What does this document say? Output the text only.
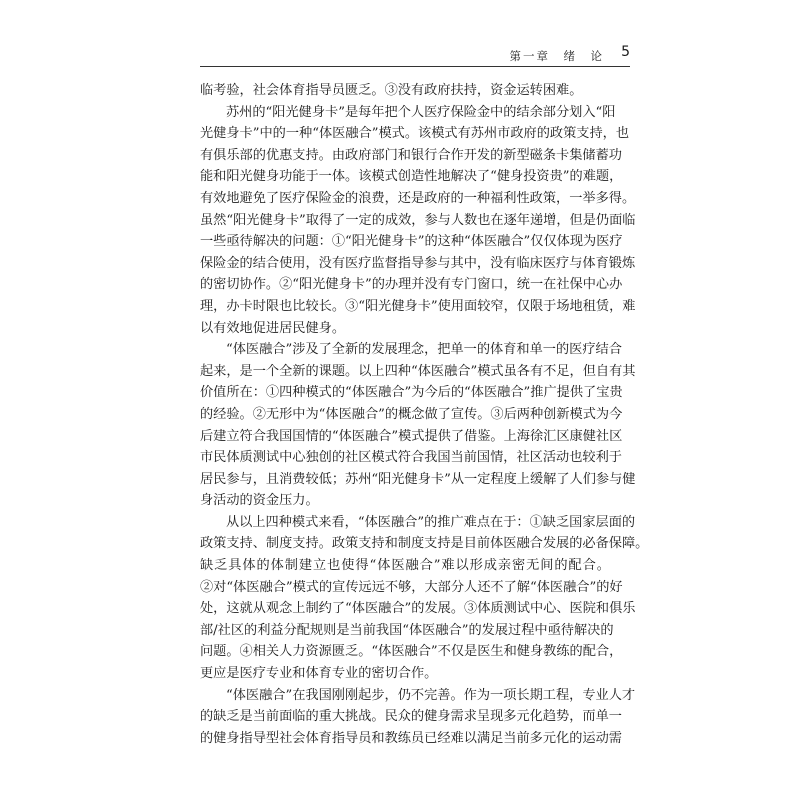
第一章　绪　论 5
临考验，社会体育指导员匮乏。③没有政府扶持，资金运转困难。
苏州的“阳光健身卡”是每年把个人医疗保险金中的结余部分划入“阳
光健身卡”中的一种“体医融合”模式。该模式有苏州市政府的政策支持，也
有俱乐部的优惠支持。由政府部门和银行合作开发的新型磁条卡集储蓄功
能和阳光健身功能于一体。该模式创造性地解决了“健身投资贵”的难题，
有效地避免了医疗保险金的浪费，还是政府的一种福利性政策，一举多得。
虽然“阳光健身卡”取得了一定的成效，参与人数也在逐年递增，但是仍面临
一些亟待解决的问题：①“阳光健身卡”的这种“体医融合”仅仅体现为医疗
保险金的结合使用，没有医疗监督指导参与其中，没有临床医疗与体育锻炼
的密切协作。②“阳光健身卡”的办理并没有专门窗口，统一在社保中心办
理，办卡时限也比较长。③“阳光健身卡”使用面较窄，仅限于场地租赁，难
以有效地促进居民健身。
“体医融合”涉及了全新的发展理念，把单一的体育和单一的医疗结合
起来，是一个全新的课题。以上四种“体医融合”模式虽各有不足，但自有其
价值所在：①四种模式的“体医融合”为今后的“体医融合”推广提供了宝贵
的经验。②无形中为“体医融合”的概念做了宣传。③后两种创新模式为今
后建立符合我国国情的“体医融合”模式提供了借鉴。上海徐汇区康健社区
市民体质测试中心独创的社区模式符合我国当前国情，社区活动也较利于
居民参与，且消费较低；苏州“阳光健身卡”从一定程度上缓解了人们参与健
身活动的资金压力。
从以上四种模式来看，“体医融合”的推广难点在于：①缺乏国家层面的
政策支持、制度支持。政策支持和制度支持是目前体医融合发展的必备保障。
缺乏具体的体制建立也使得“体医融合”难以形成亲密无间的配合。
②对“体医融合”模式的宣传远远不够，大部分人还不了解“体医融合”的好
处，这就从观念上制约了“体医融合”的发展。③体质测试中心、医院和俱乐
部/社区的利益分配规则是当前我国“体医融合”的发展过程中亟待解决的
问题。④相关人力资源匮乏。“体医融合”不仅是医生和健身教练的配合，
更应是医疗专业和体育专业的密切合作。
“体医融合”在我国刚刚起步，仍不完善。作为一项长期工程，专业人才
的缺乏是当前面临的重大挑战。民众的健身需求呈现多元化趋势，而单一
的健身指导型社会体育指导员和教练员已经难以满足当前多元化的运动需
